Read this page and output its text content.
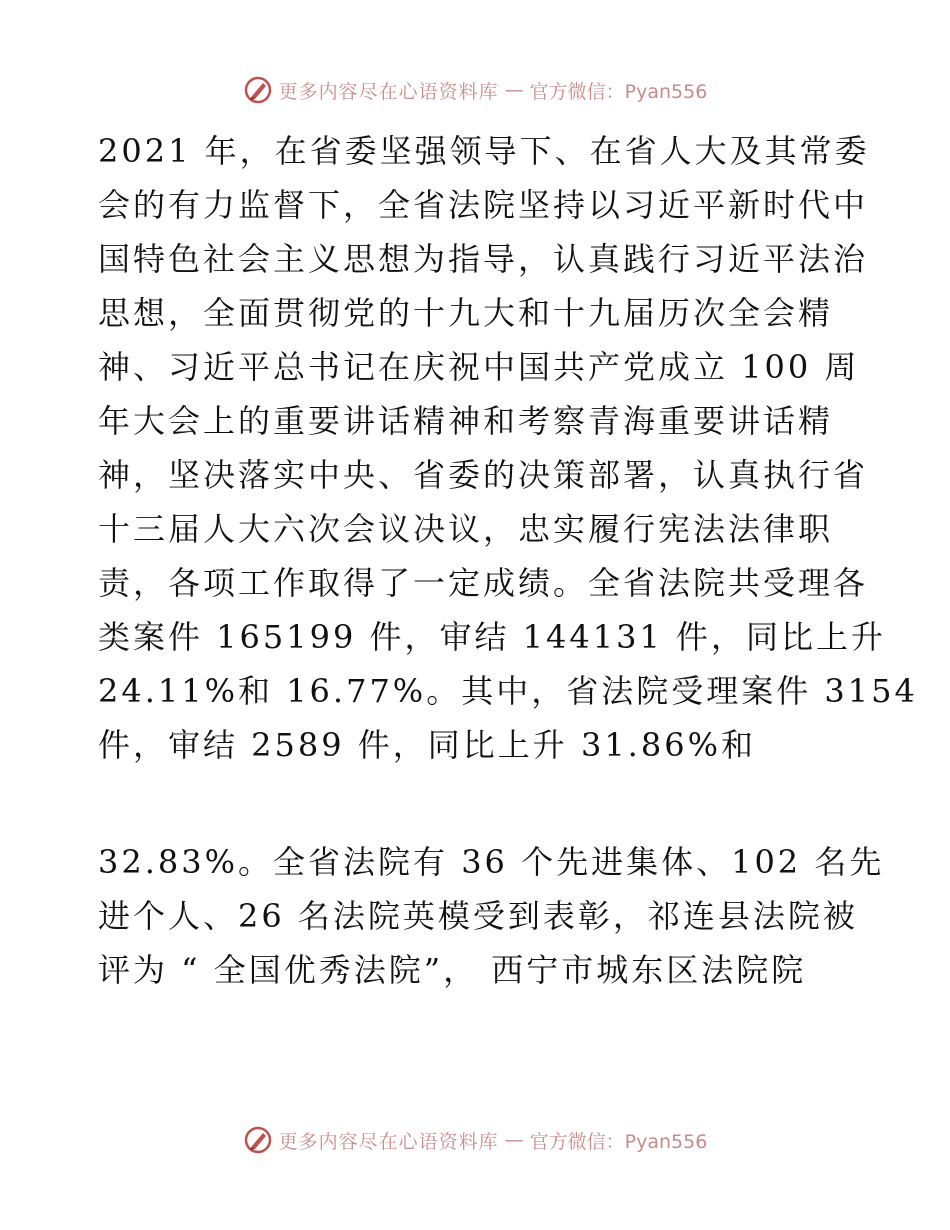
更多内容尽在心语资料库 — 官方微信：Pyan556
2021 年，在省委坚强领导下、在省人大及其常委
会的有力监督下，全省法院坚持以习近平新时代中
国特色社会主义思想为指导，认真践行习近平法治
思想，全面贯彻党的十九大和十九届历次全会精
神、习近平总书记在庆祝中国共产党成立 100 周
年大会上的重要讲话精神和考察青海重要讲话精
神，坚决落实中央、省委的决策部署，认真执行省
十三届人大六次会议决议，忠实履行宪法法律职
责，各项工作取得了一定成绩。全省法院共受理各
类案件 165199 件，审结 144131 件，同比上升
24.11%和 16.77%。其中，省法院受理案件 3154
件，审结 2589 件，同比上升 31.86%和
32.83%。全省法院有 36 个先进集体、102 名先
进个人、26 名法院英模受到表彰，祁连县法院被
评为 “ 全国优秀法院”， 西宁市城东区法院院
更多内容尽在心语资料库 — 官方微信：Pyan556
